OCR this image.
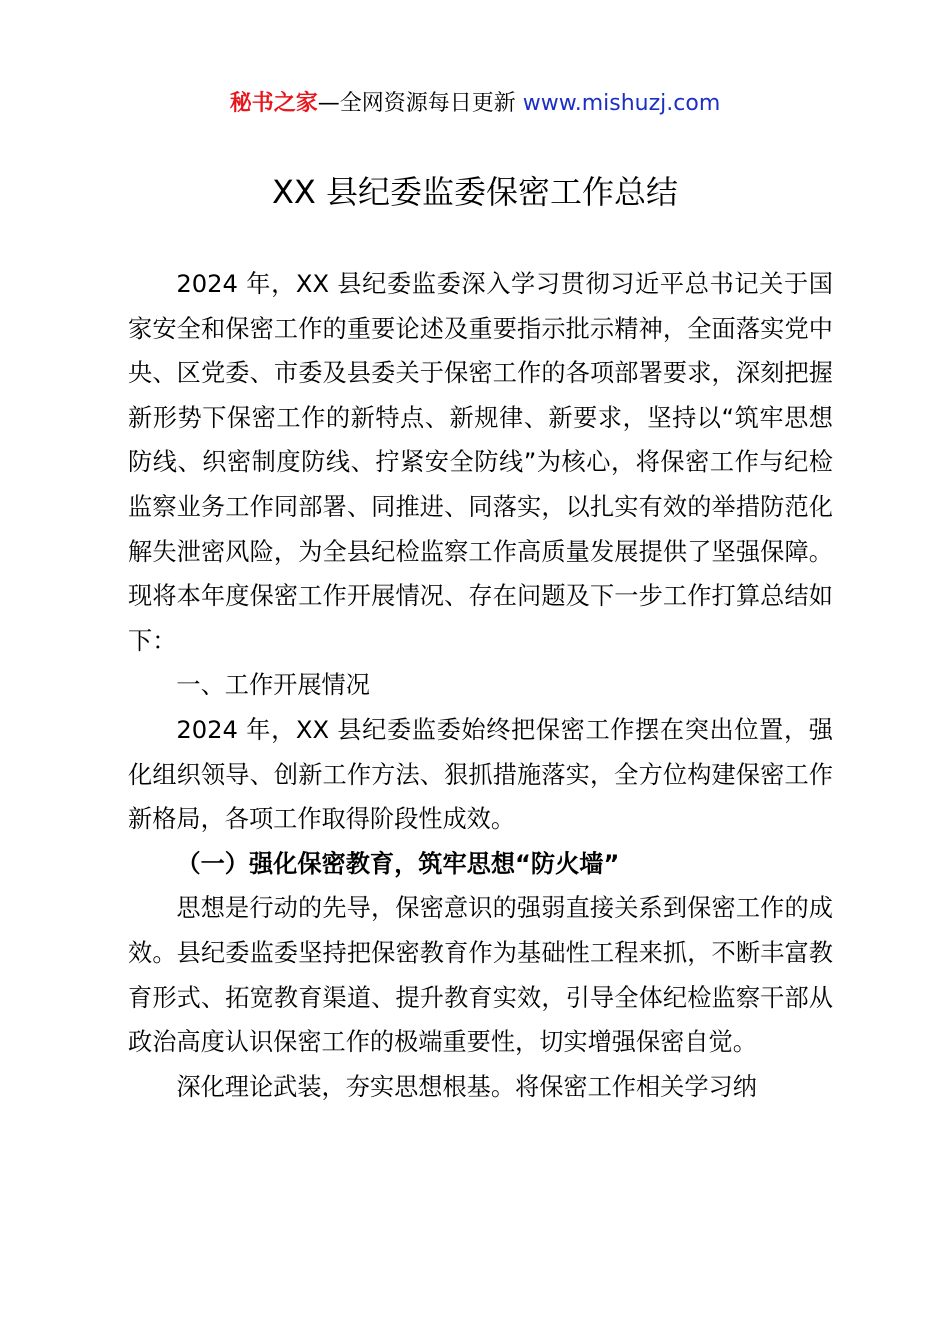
秘书之家—全网资源每日更新 www.mishuzj.com
XX 县纪委监委保密工作总结

2024 年，XX 县纪委监委深入学习贯彻习近平总书记关于国家安全和保密工作的重要论述及重要指示批示精神，全面落实党中央、区党委、市委及县委关于保密工作的各项部署要求，深刻把握新形势下保密工作的新特点、新规律、新要求，坚持以“筑牢思想防线、织密制度防线、拧紧安全防线”为核心，将保密工作与纪检监察业务工作同部署、同推进、同落实，以扎实有效的举措防范化解失泄密风险，为全县纪检监察工作高质量发展提供了坚强保障。现将本年度保密工作开展情况、存在问题及下一步工作打算总结如下：

一、工作开展情况

2024 年，XX 县纪委监委始终把保密工作摆在突出位置，强化组织领导、创新工作方法、狠抓措施落实，全方位构建保密工作新格局，各项工作取得阶段性成效。

（一）强化保密教育，筑牢思想“防火墙”

思想是行动的先导，保密意识的强弱直接关系到保密工作的成效。县纪委监委坚持把保密教育作为基础性工程来抓，不断丰富教育形式、拓宽教育渠道、提升教育实效，引导全体纪检监察干部从政治高度认识保密工作的极端重要性，切实增强保密自觉。

深化理论武装，夯实思想根基。将保密工作相关学习纳
